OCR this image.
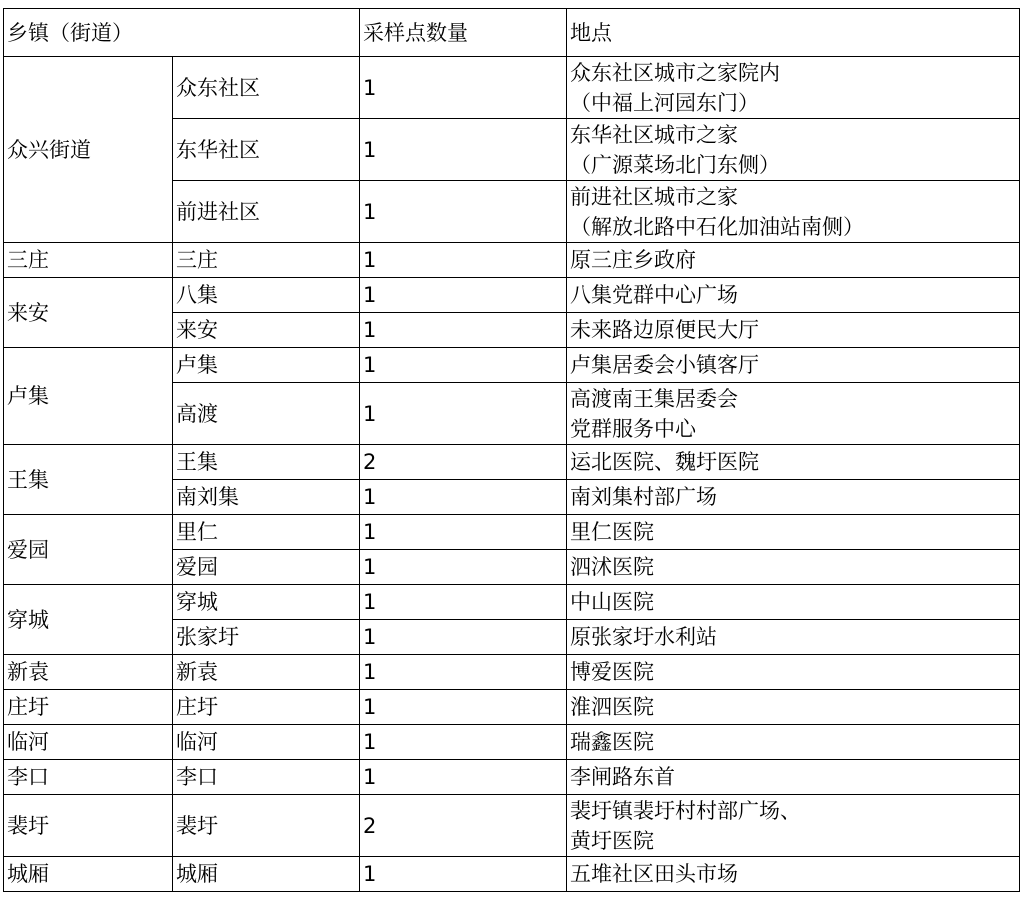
乡镇（街道）		采样点数量	地点
众兴街道	众东社区	1	众东社区城市之家院内
（中福上河园东门）

	东华社区	1	东华社区城市之家
（广源菜场北门东侧）

	前进社区	1	前进社区城市之家
（解放北路中石化加油站南侧）

三庄	三庄	1	原三庄乡政府

来安	八集	1	八集党群中心广场

	来安	1	未来路边原便民大厅

卢集	卢集	1	卢集居委会小镇客厅

	高渡	1	高渡南王集居委会
党群服务中心

王集	王集	2	运北医院、魏圩医院

	南刘集	1	南刘集村部广场

爱园	里仁	1	里仁医院

	爱园	1	泗沭医院

穿城	穿城	1	中山医院

	张家圩	1	原张家圩水利站

新袁	新袁	1	博爱医院

庄圩	庄圩	1	淮泗医院

临河	临河	1	瑞鑫医院

李口	李口	1	李闸路东首

裴圩	裴圩	2	裴圩镇裴圩村村部广场、
黄圩医院

城厢	城厢	1	五堆社区田头市场
